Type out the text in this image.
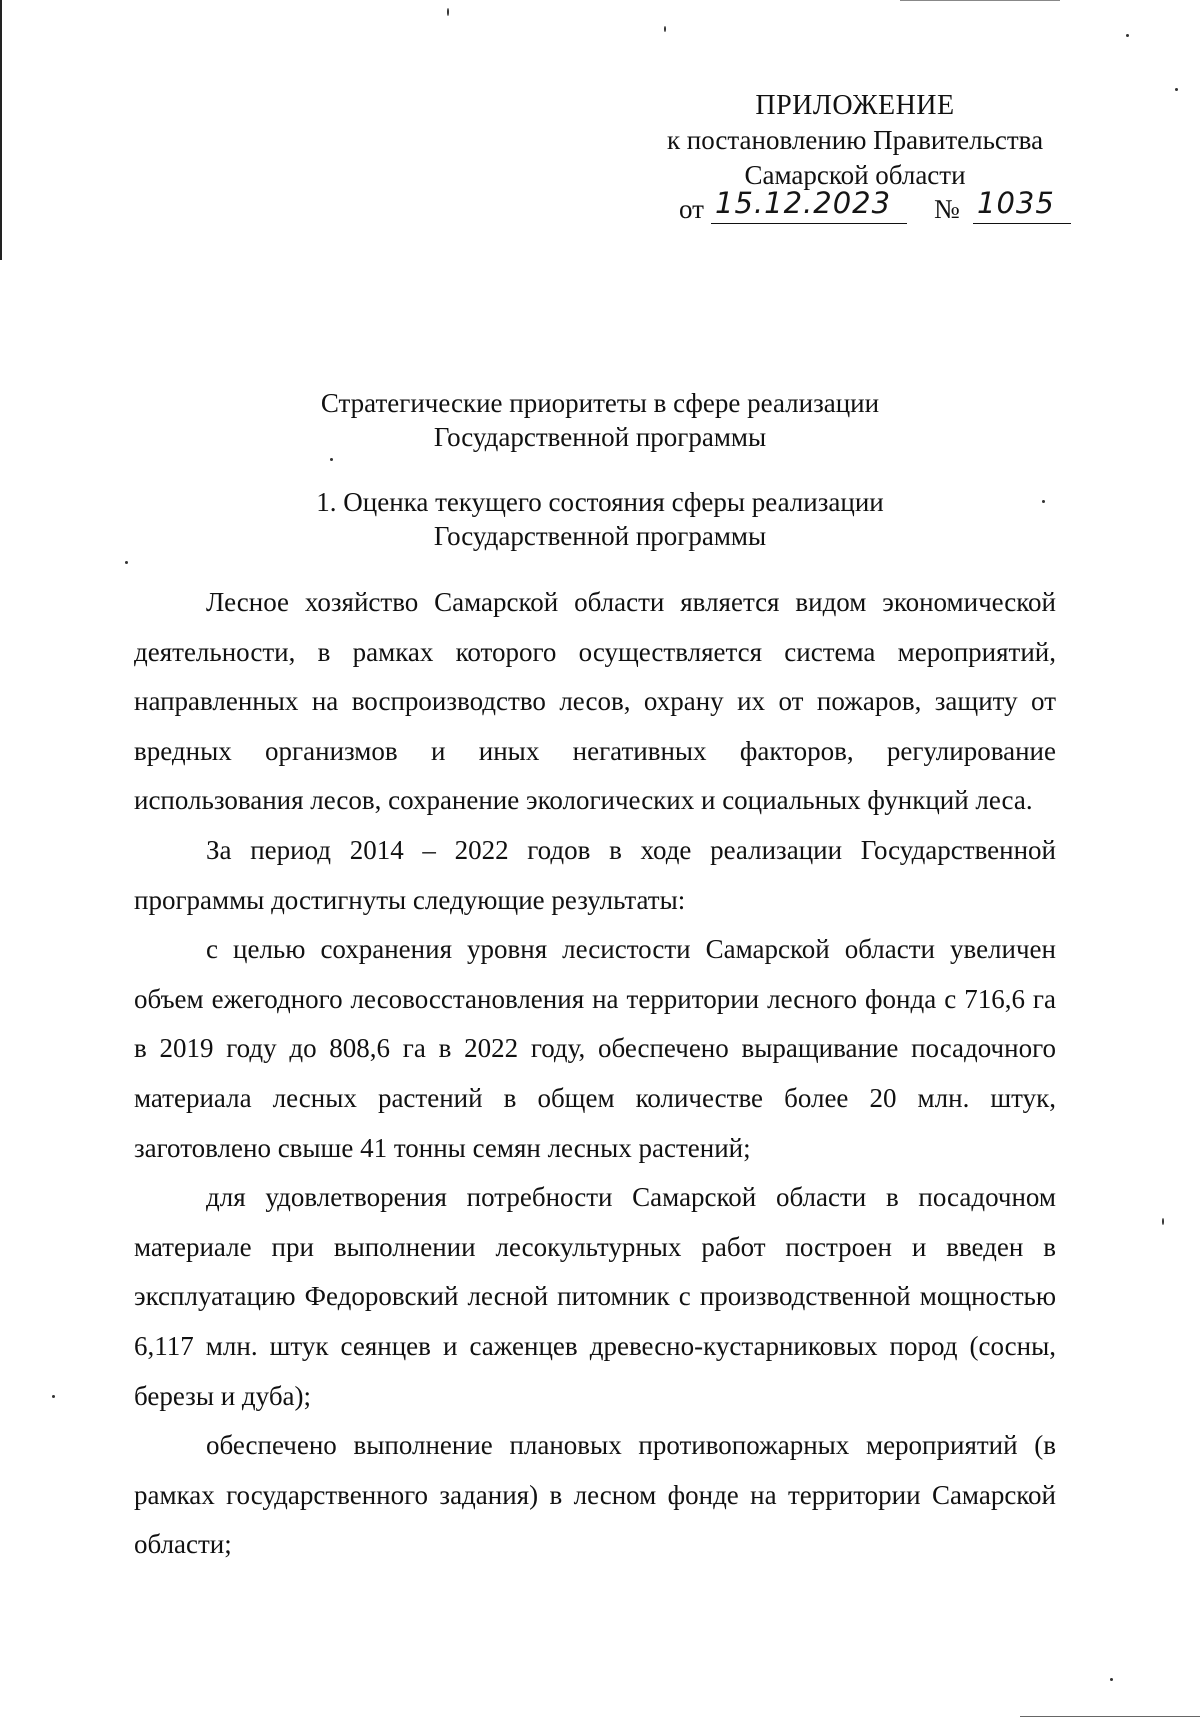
ПРИЛОЖЕНИЕ
к постановлению Правительства
Самарской области
от 15.12.2023 № 1035
Стратегические приоритеты в сфере реализации
Государственной программы
1. Оценка текущего состояния сферы реализации
Государственной программы

Лесное хозяйство Самарской области является видом экономической деятельности, в рамках которого осуществляется система мероприятий, направленных на воспроизводство лесов, охрану их от пожаров, защиту от вредных организмов и иных негативных факторов, регулирование использования лесов, сохранение экологических и социальных функций леса.

За период 2014 – 2022 годов в ходе реализации Государственной программы достигнуты следующие результаты:

с целью сохранения уровня лесистости Самарской области увеличен объем ежегодного лесовосстановления на территории лесного фонда с 716,6 га в 2019 году до 808,6 га в 2022 году, обеспечено выращивание посадочного материала лесных растений в общем количестве более 20 млн. штук, заготовлено свыше 41 тонны семян лесных растений;

для удовлетворения потребности Самарской области в посадочном материале при выполнении лесокультурных работ построен и введен в эксплуатацию Федоровский лесной питомник с производственной мощностью 6,117 млн. штук сеянцев и саженцев древесно-кустарниковых пород (сосны, березы и дуба);

обеспечено выполнение плановых противопожарных мероприятий (в рамках государственного задания) в лесном фонде на территории Самарской области;
